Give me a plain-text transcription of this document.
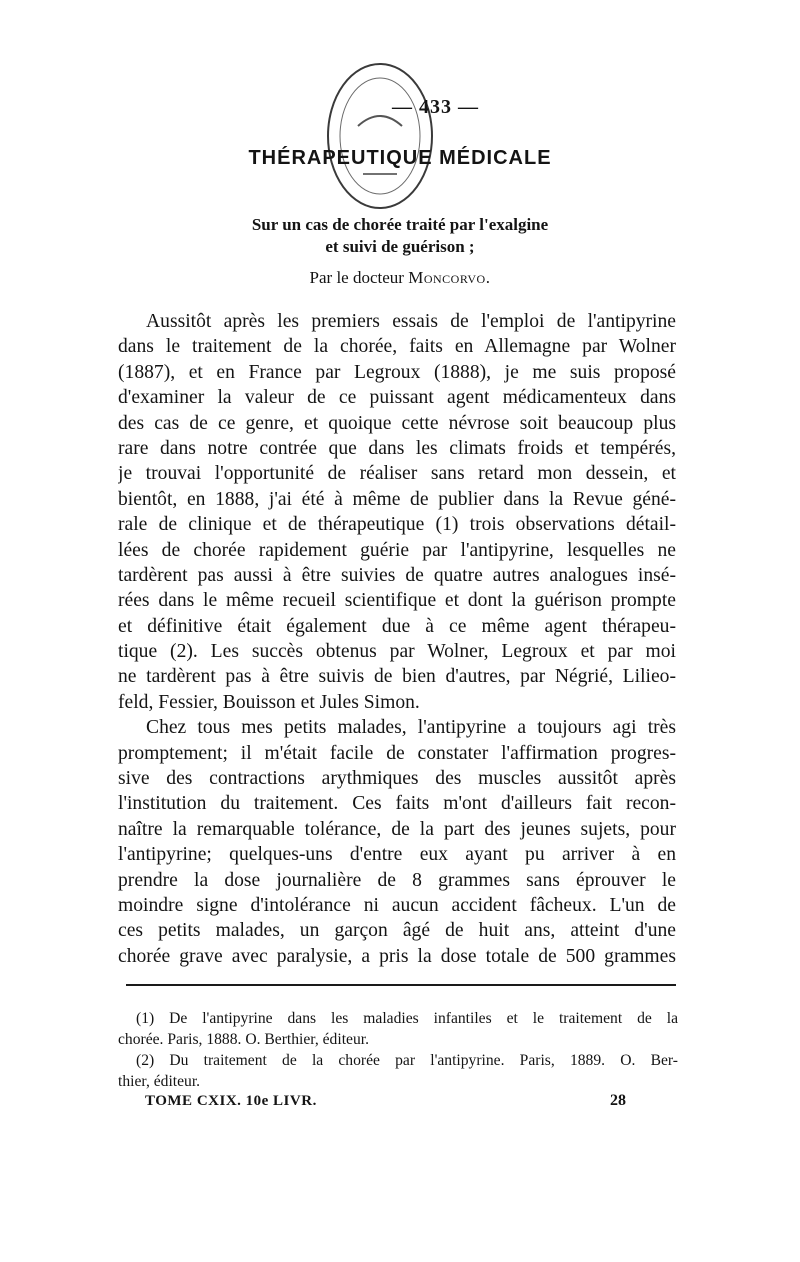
— 433 —
THÉRAPEUTIQUE MÉDICALE
Sur un cas de chorée traité par l'exalgine
et suivi de guérison ;
Par le docteur Moncorvo.
Aussitôt après les premiers essais de l'emploi de l'antipyrine
dans le traitement de la chorée, faits en Allemagne par Wolner
(1887), et en France par Legroux (1888), je me suis proposé
d'examiner la valeur de ce puissant agent médicamenteux dans
des cas de ce genre, et quoique cette névrose soit beaucoup plus
rare dans notre contrée que dans les climats froids et tempérés,
je trouvai l'opportunité de réaliser sans retard mon dessein, et
bientôt, en 1888, j'ai été à même de publier dans la Revue géné-
rale de clinique et de thérapeutique (1) trois observations détail-
lées de chorée rapidement guérie par l'antipyrine, lesquelles ne
tardèrent pas aussi à être suivies de quatre autres analogues insé-
rées dans le même recueil scientifique et dont la guérison prompte
et définitive était également due à ce même agent thérapeu-
tique (2). Les succès obtenus par Wolner, Legroux et par moi
ne tardèrent pas à être suivis de bien d'autres, par Négrié, Lilieo-
feld, Fessier, Bouisson et Jules Simon.
Chez tous mes petits malades, l'antipyrine a toujours agi très
promptement; il m'était facile de constater l'affirmation progres-
sive des contractions arythmiques des muscles aussitôt après
l'institution du traitement. Ces faits m'ont d'ailleurs fait recon-
naître la remarquable tolérance, de la part des jeunes sujets, pour
l'antipyrine; quelques-uns d'entre eux ayant pu arriver à en
prendre la dose journalière de 8 grammes sans éprouver le
moindre signe d'intolérance ni aucun accident fâcheux. L'un de
ces petits malades, un garçon âgé de huit ans, atteint d'une
chorée grave avec paralysie, a pris la dose totale de 500 grammes
(1) De l'antipyrine dans les maladies infantiles et le traitement de la
chorée. Paris, 1888. O. Berthier, éditeur.
(2) Du traitement de la chorée par l'antipyrine. Paris, 1889. O. Ber-
thier, éditeur.
TOME CXIX. 10e LIVR.	28
